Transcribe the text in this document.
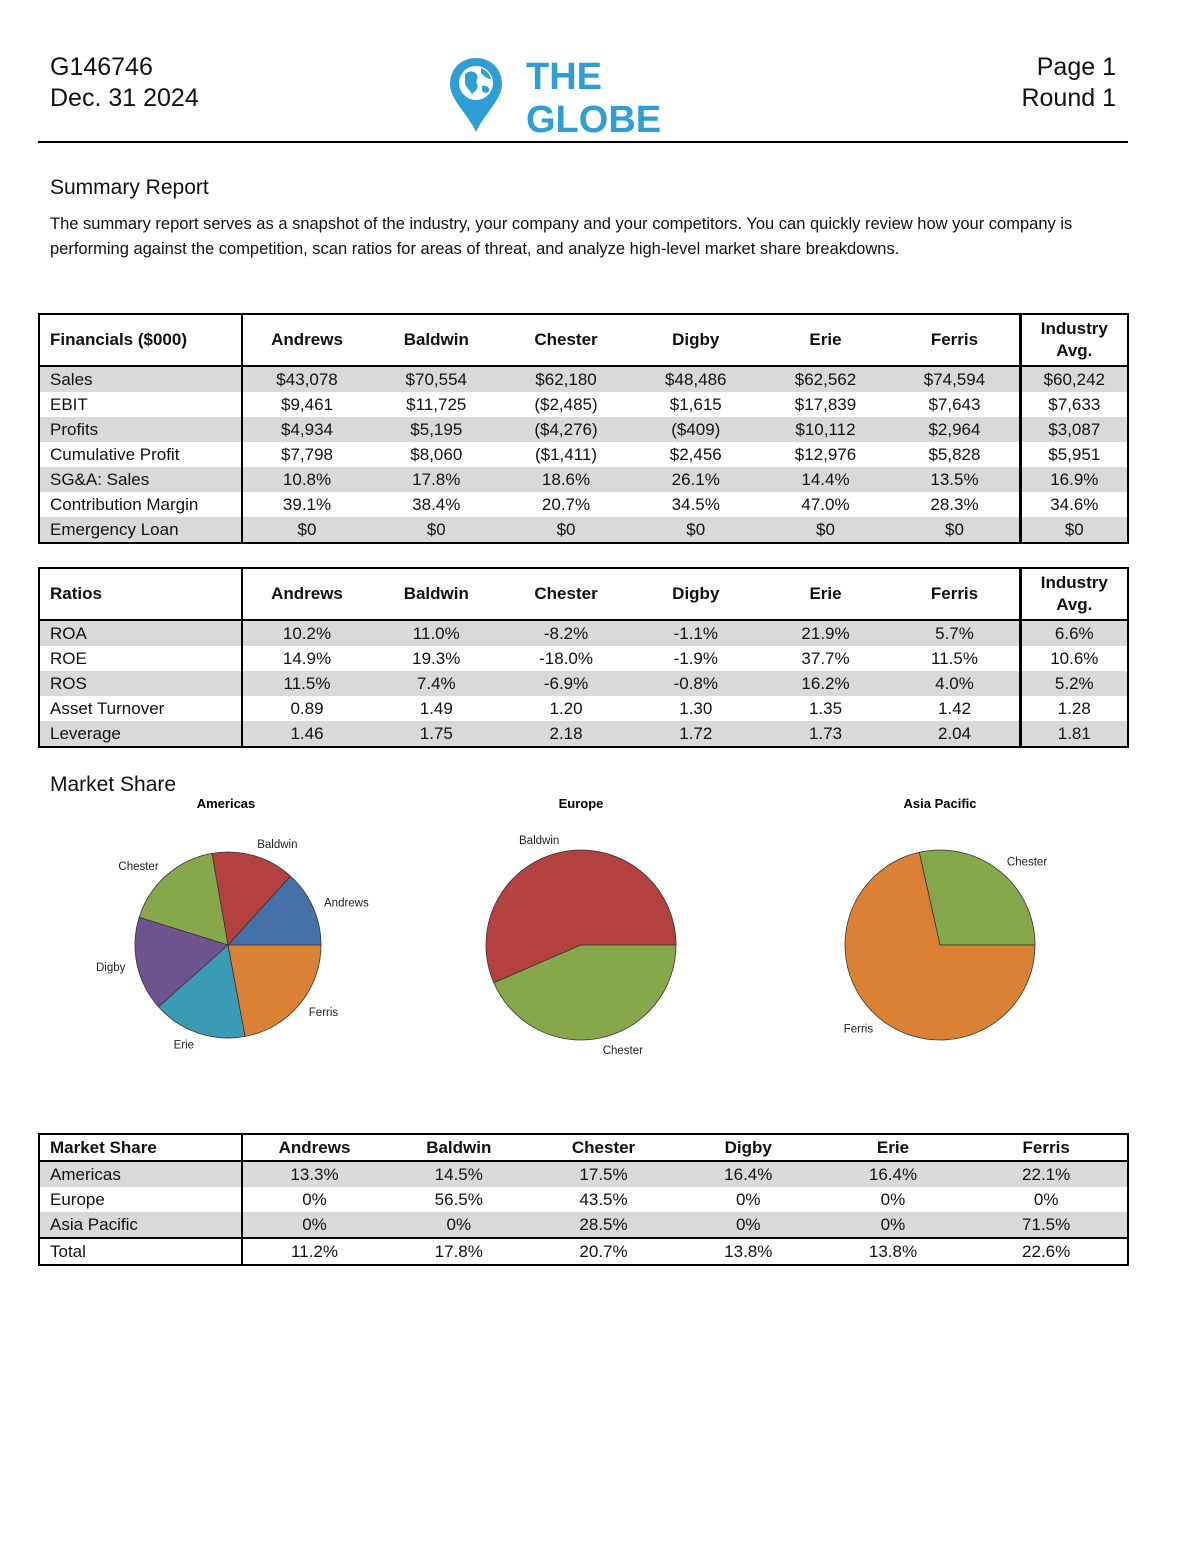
G146746
Dec. 31 2024	THE
GLOBE
Page 1
Round 1
Summary Report
The summary report serves as a snapshot of the industry, your company and your competitors. You can quickly review how your company is performing against the competition, scan ratios for areas of threat, and analyze high-level market share breakdowns.
Financials ($000)	Andrews	Baldwin	Chester	Digby	Erie	Ferris	Industry Avg.
Sales	$43,078	$70,554	$62,180	$48,486	$62,562	$74,594	$60,242
EBIT	$9,461	$11,725	($2,485)	$1,615	$17,839	$7,643	$7,633
Profits	$4,934	$5,195	($4,276)	($409)	$10,112	$2,964	$3,087
Cumulative Profit	$7,798	$8,060	($1,411)	$2,456	$12,976	$5,828	$5,951
SG&A: Sales	10.8%	17.8%	18.6%	26.1%	14.4%	13.5%	16.9%
Contribution Margin	39.1%	38.4%	20.7%	34.5%	47.0%	28.3%	34.6%
Emergency Loan	$0	$0	$0	$0	$0	$0	$0
Ratios	Andrews	Baldwin	Chester	Digby	Erie	Ferris	Industry Avg.
ROA	10.2%	11.0%	-8.2%	-1.1%	21.9%	5.7%	6.6%
ROE	14.9%	19.3%	-18.0%	-1.9%	37.7%	11.5%	10.6%
ROS	11.5%	7.4%	-6.9%	-0.8%	16.2%	4.0%	5.2%
Asset Turnover	0.89	1.49	1.20	1.30	1.35	1.42	1.28
Leverage	1.46	1.75	2.18	1.72	1.73	2.04	1.81
Market Share
Americas
Andrews
Baldwin
Chester
Digby
Erie
Ferris
Europe
Baldwin
Chester
Asia Pacific
Chester
Ferris
Market Share	Andrews	Baldwin	Chester	Digby	Erie	Ferris
Americas	13.3%	14.5%	17.5%	16.4%	16.4%	22.1%
Europe	0%	56.5%	43.5%	0%	0%	0%
Asia Pacific	0%	0%	28.5%	0%	0%	71.5%
Total	11.2%	17.8%	20.7%	13.8%	13.8%	22.6%
